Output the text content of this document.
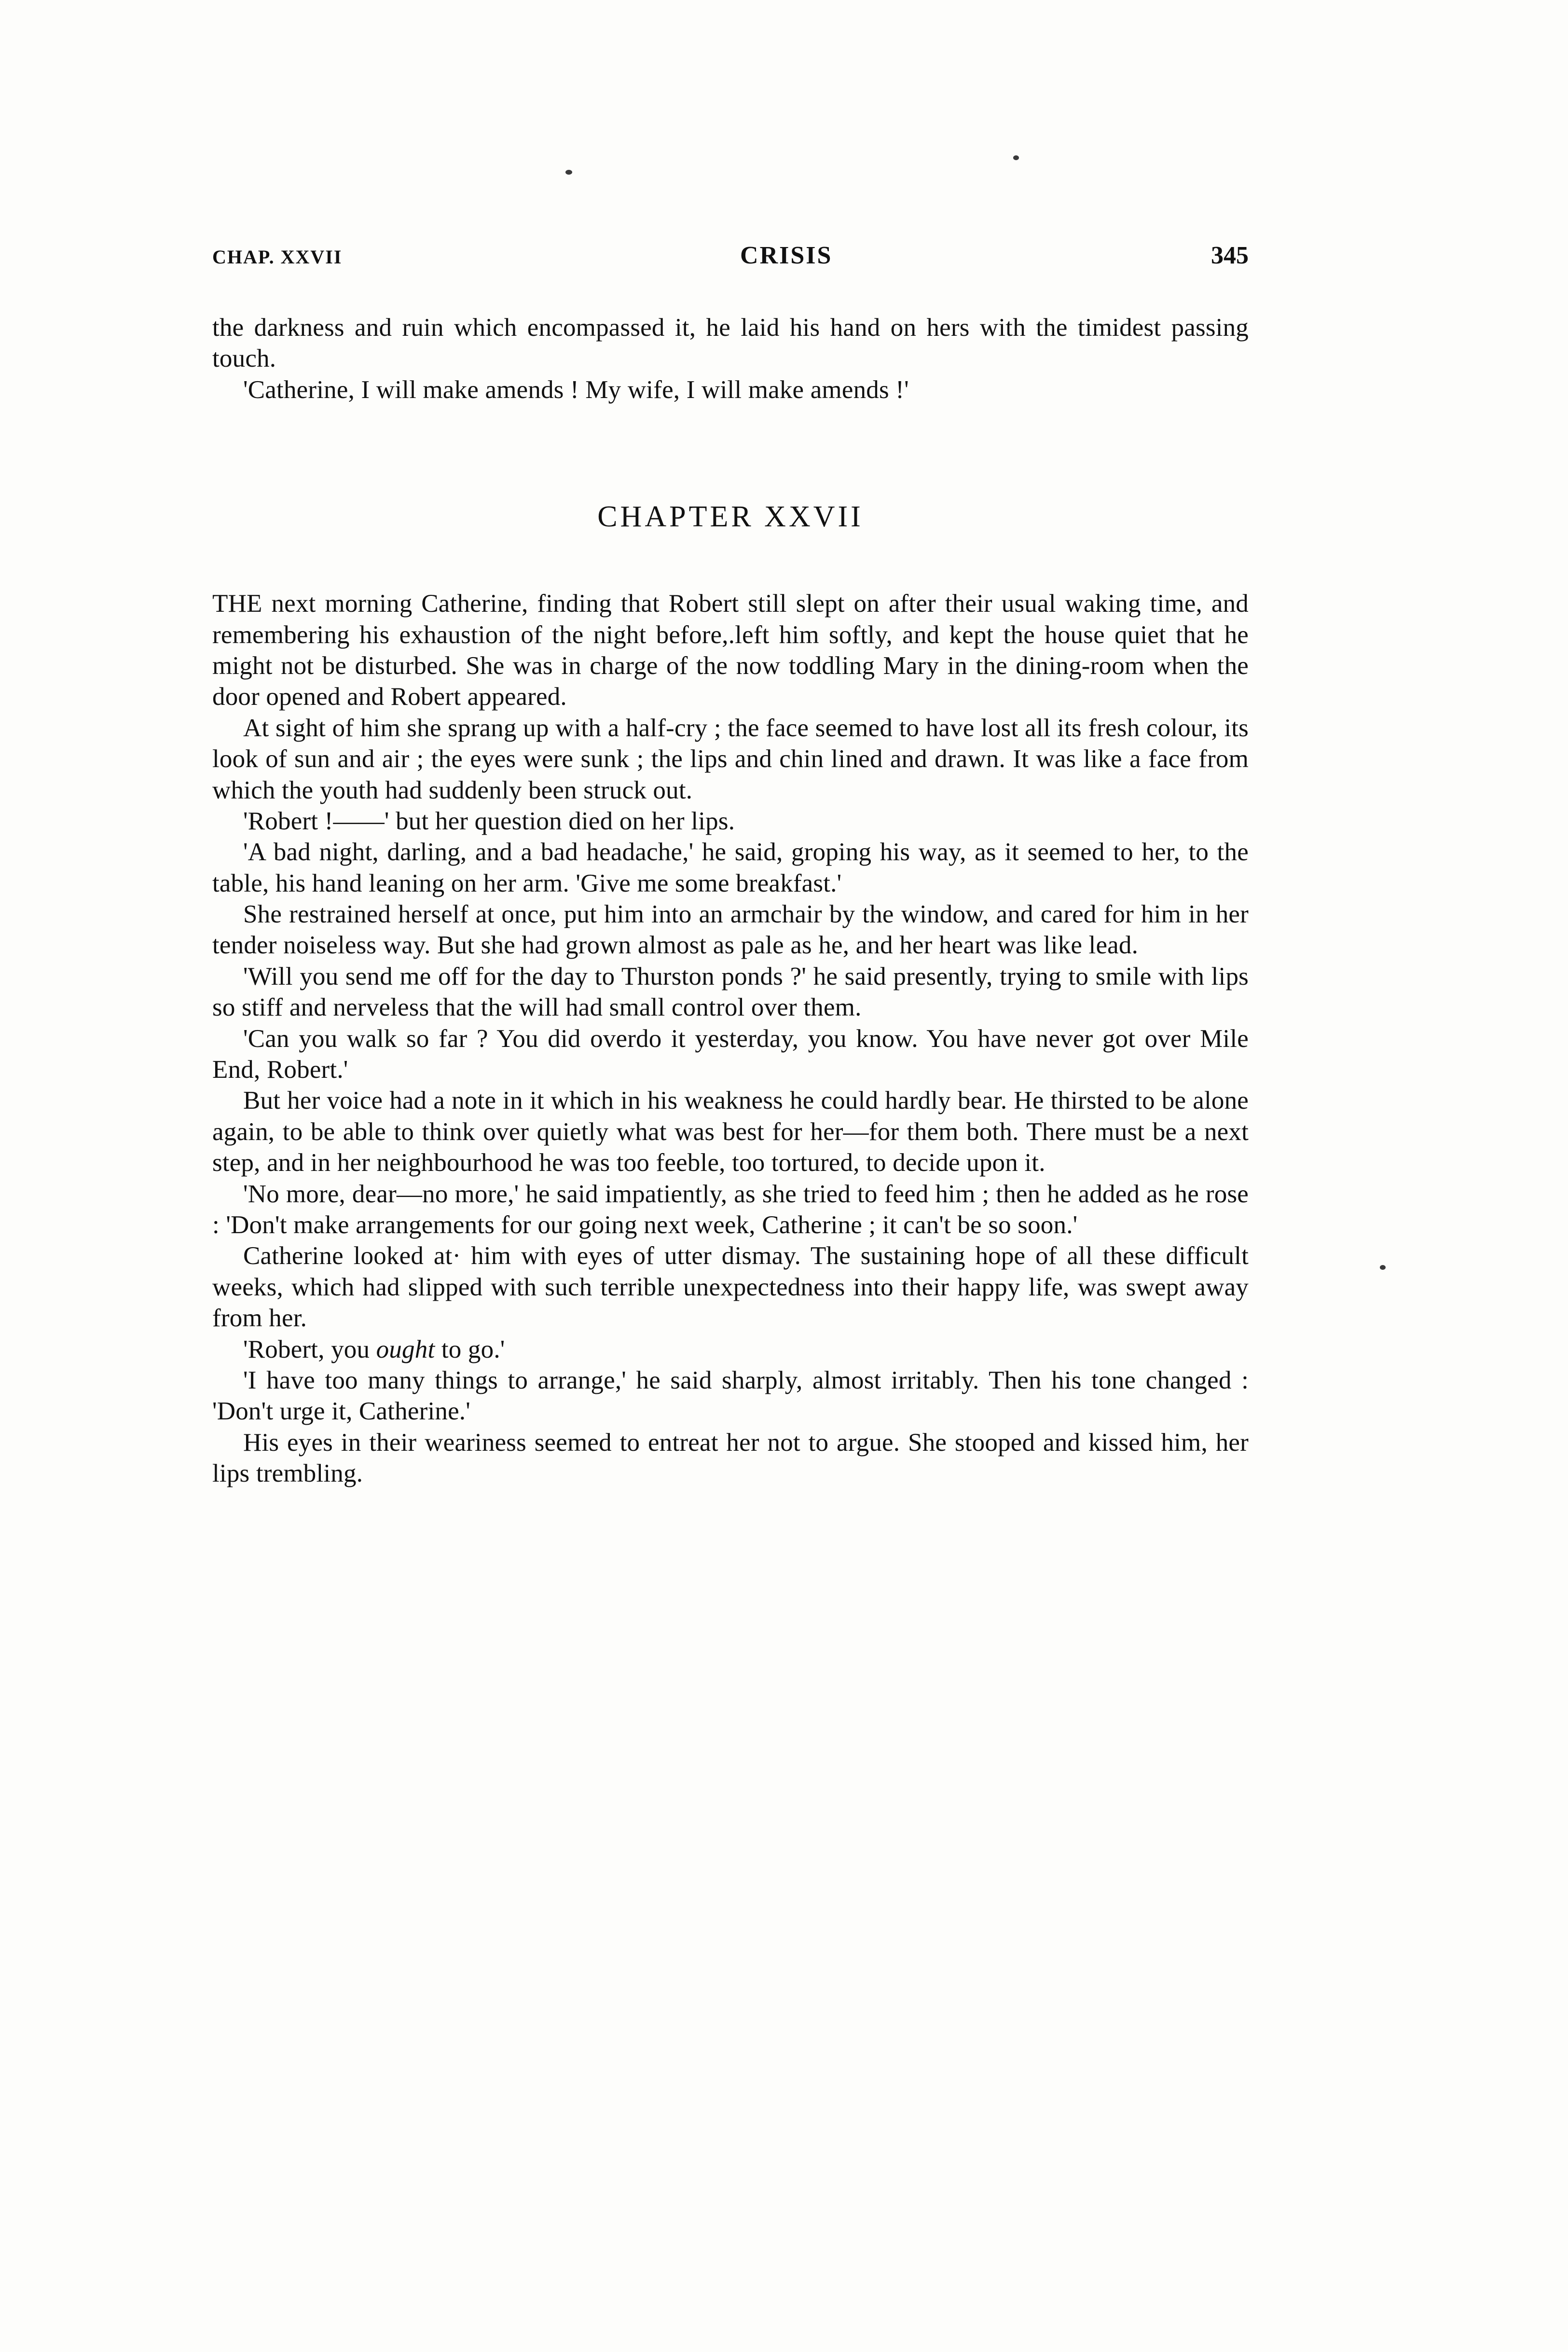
CHAP. XXVII	CRISIS	345

the darkness and ruin which encompassed it, he laid his hand on hers with the timidest passing touch.

'Catherine, I will make amends ! My wife, I will make amends !'

CHAPTER XXVII

THE next morning Catherine, finding that Robert still slept on after their usual waking time, and remembering his exhaustion of the night before,.left him softly, and kept the house quiet that he might not be disturbed. She was in charge of the now toddling Mary in the dining-room when the door opened and Robert appeared.

At sight of him she sprang up with a half-cry ; the face seemed to have lost all its fresh colour, its look of sun and air ; the eyes were sunk ; the lips and chin lined and drawn. It was like a face from which the youth had suddenly been struck out.

'Robert !——' but her question died on her lips.

'A bad night, darling, and a bad headache,' he said, groping his way, as it seemed to her, to the table, his hand leaning on her arm. 'Give me some breakfast.'

She restrained herself at once, put him into an armchair by the window, and cared for him in her tender noiseless way. But she had grown almost as pale as he, and her heart was like lead.

'Will you send me off for the day to Thurston ponds ?' he said presently, trying to smile with lips so stiff and nerveless that the will had small control over them.

'Can you walk so far ? You did overdo it yesterday, you know. You have never got over Mile End, Robert.'

But her voice had a note in it which in his weakness he could hardly bear. He thirsted to be alone again, to be able to think over quietly what was best for her—for them both. There must be a next step, and in her neighbourhood he was too feeble, too tortured, to decide upon it.

'No more, dear—no more,' he said impatiently, as she tried to feed him ; then he added as he rose : 'Don't make arrangements for our going next week, Catherine ; it can't be so soon.'

Catherine looked at· him with eyes of utter dismay. The sustaining hope of all these difficult weeks, which had slipped with such terrible unexpectedness into their happy life, was swept away from her.

'Robert, you ought to go.'

'I have too many things to arrange,' he said sharply, almost irritably. Then his tone changed : 'Don't urge it, Catherine.'

His eyes in their weariness seemed to entreat her not to argue. She stooped and kissed him, her lips trembling.
